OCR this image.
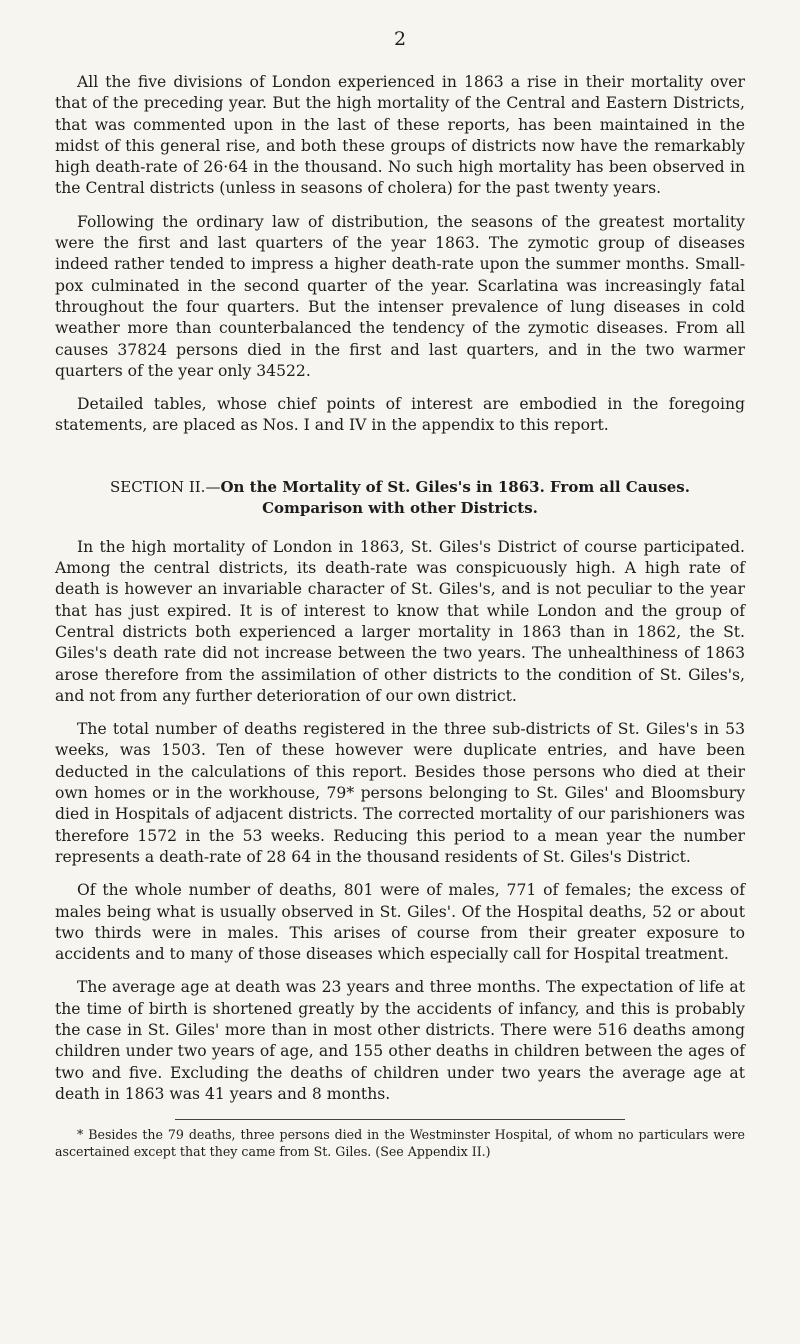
2

All the five divisions of London experienced in 1863 a rise in their mortality over that of the preceding year. But the high mortality of the Central and Eastern Districts, that was commented upon in the last of these reports, has been maintained in the midst of this general rise, and both these groups of districts now have the remarkably high death-rate of 26·64 in the thousand. No such high mortality has been observed in the Central districts (unless in seasons of cholera) for the past twenty years.

Following the ordinary law of distribution, the seasons of the greatest mortality were the first and last quarters of the year 1863. The zymotic group of diseases indeed rather tended to impress a higher death-rate upon the summer months. Small-pox culminated in the second quarter of the year. Scarlatina was increasingly fatal throughout the four quarters. But the intenser prevalence of lung diseases in cold weather more than counterbalanced the tendency of the zymotic diseases. From all causes 37824 persons died in the first and last quarters, and in the two warmer quarters of the year only 34522.

Detailed tables, whose chief points of interest are embodied in the foregoing statements, are placed as Nos. I and IV in the appendix to this report.

SECTION II.—On the Mortality of St. Giles's in 1863. From all Causes.
Comparison with other Districts.

In the high mortality of London in 1863, St. Giles's District of course participated. Among the central districts, its death-rate was conspicuously high. A high rate of death is however an invariable character of St. Giles's, and is not peculiar to the year that has just expired. It is of interest to know that while London and the group of Central districts both experienced a larger mortality in 1863 than in 1862, the St. Giles's death rate did not increase between the two years. The unhealthiness of 1863 arose therefore from the assimilation of other districts to the condition of St. Giles's, and not from any further deterioration of our own district.

The total number of deaths registered in the three sub-districts of St. Giles's in 53 weeks, was 1503. Ten of these however were duplicate entries, and have been deducted in the calculations of this report. Besides those persons who died at their own homes or in the workhouse, 79* persons belonging to St. Giles' and Bloomsbury died in Hospitals of adjacent districts. The corrected mortality of our parishioners was therefore 1572 in the 53 weeks. Reducing this period to a mean year the number represents a death-rate of 28 64 in the thousand residents of St. Giles's District.

Of the whole number of deaths, 801 were of males, 771 of females; the excess of males being what is usually observed in St. Giles'. Of the Hospital deaths, 52 or about two thirds were in males. This arises of course from their greater exposure to accidents and to many of those diseases which especially call for Hospital treatment.

The average age at death was 23 years and three months. The expectation of life at the time of birth is shortened greatly by the accidents of infancy, and this is probably the case in St. Giles' more than in most other districts. There were 516 deaths among children under two years of age, and 155 other deaths in children between the ages of two and five. Excluding the deaths of children under two years the average age at death in 1863 was 41 years and 8 months.

* Besides the 79 deaths, three persons died in the Westminster Hospital, of whom no particulars were ascertained except that they came from St. Giles. (See Appendix II.)
